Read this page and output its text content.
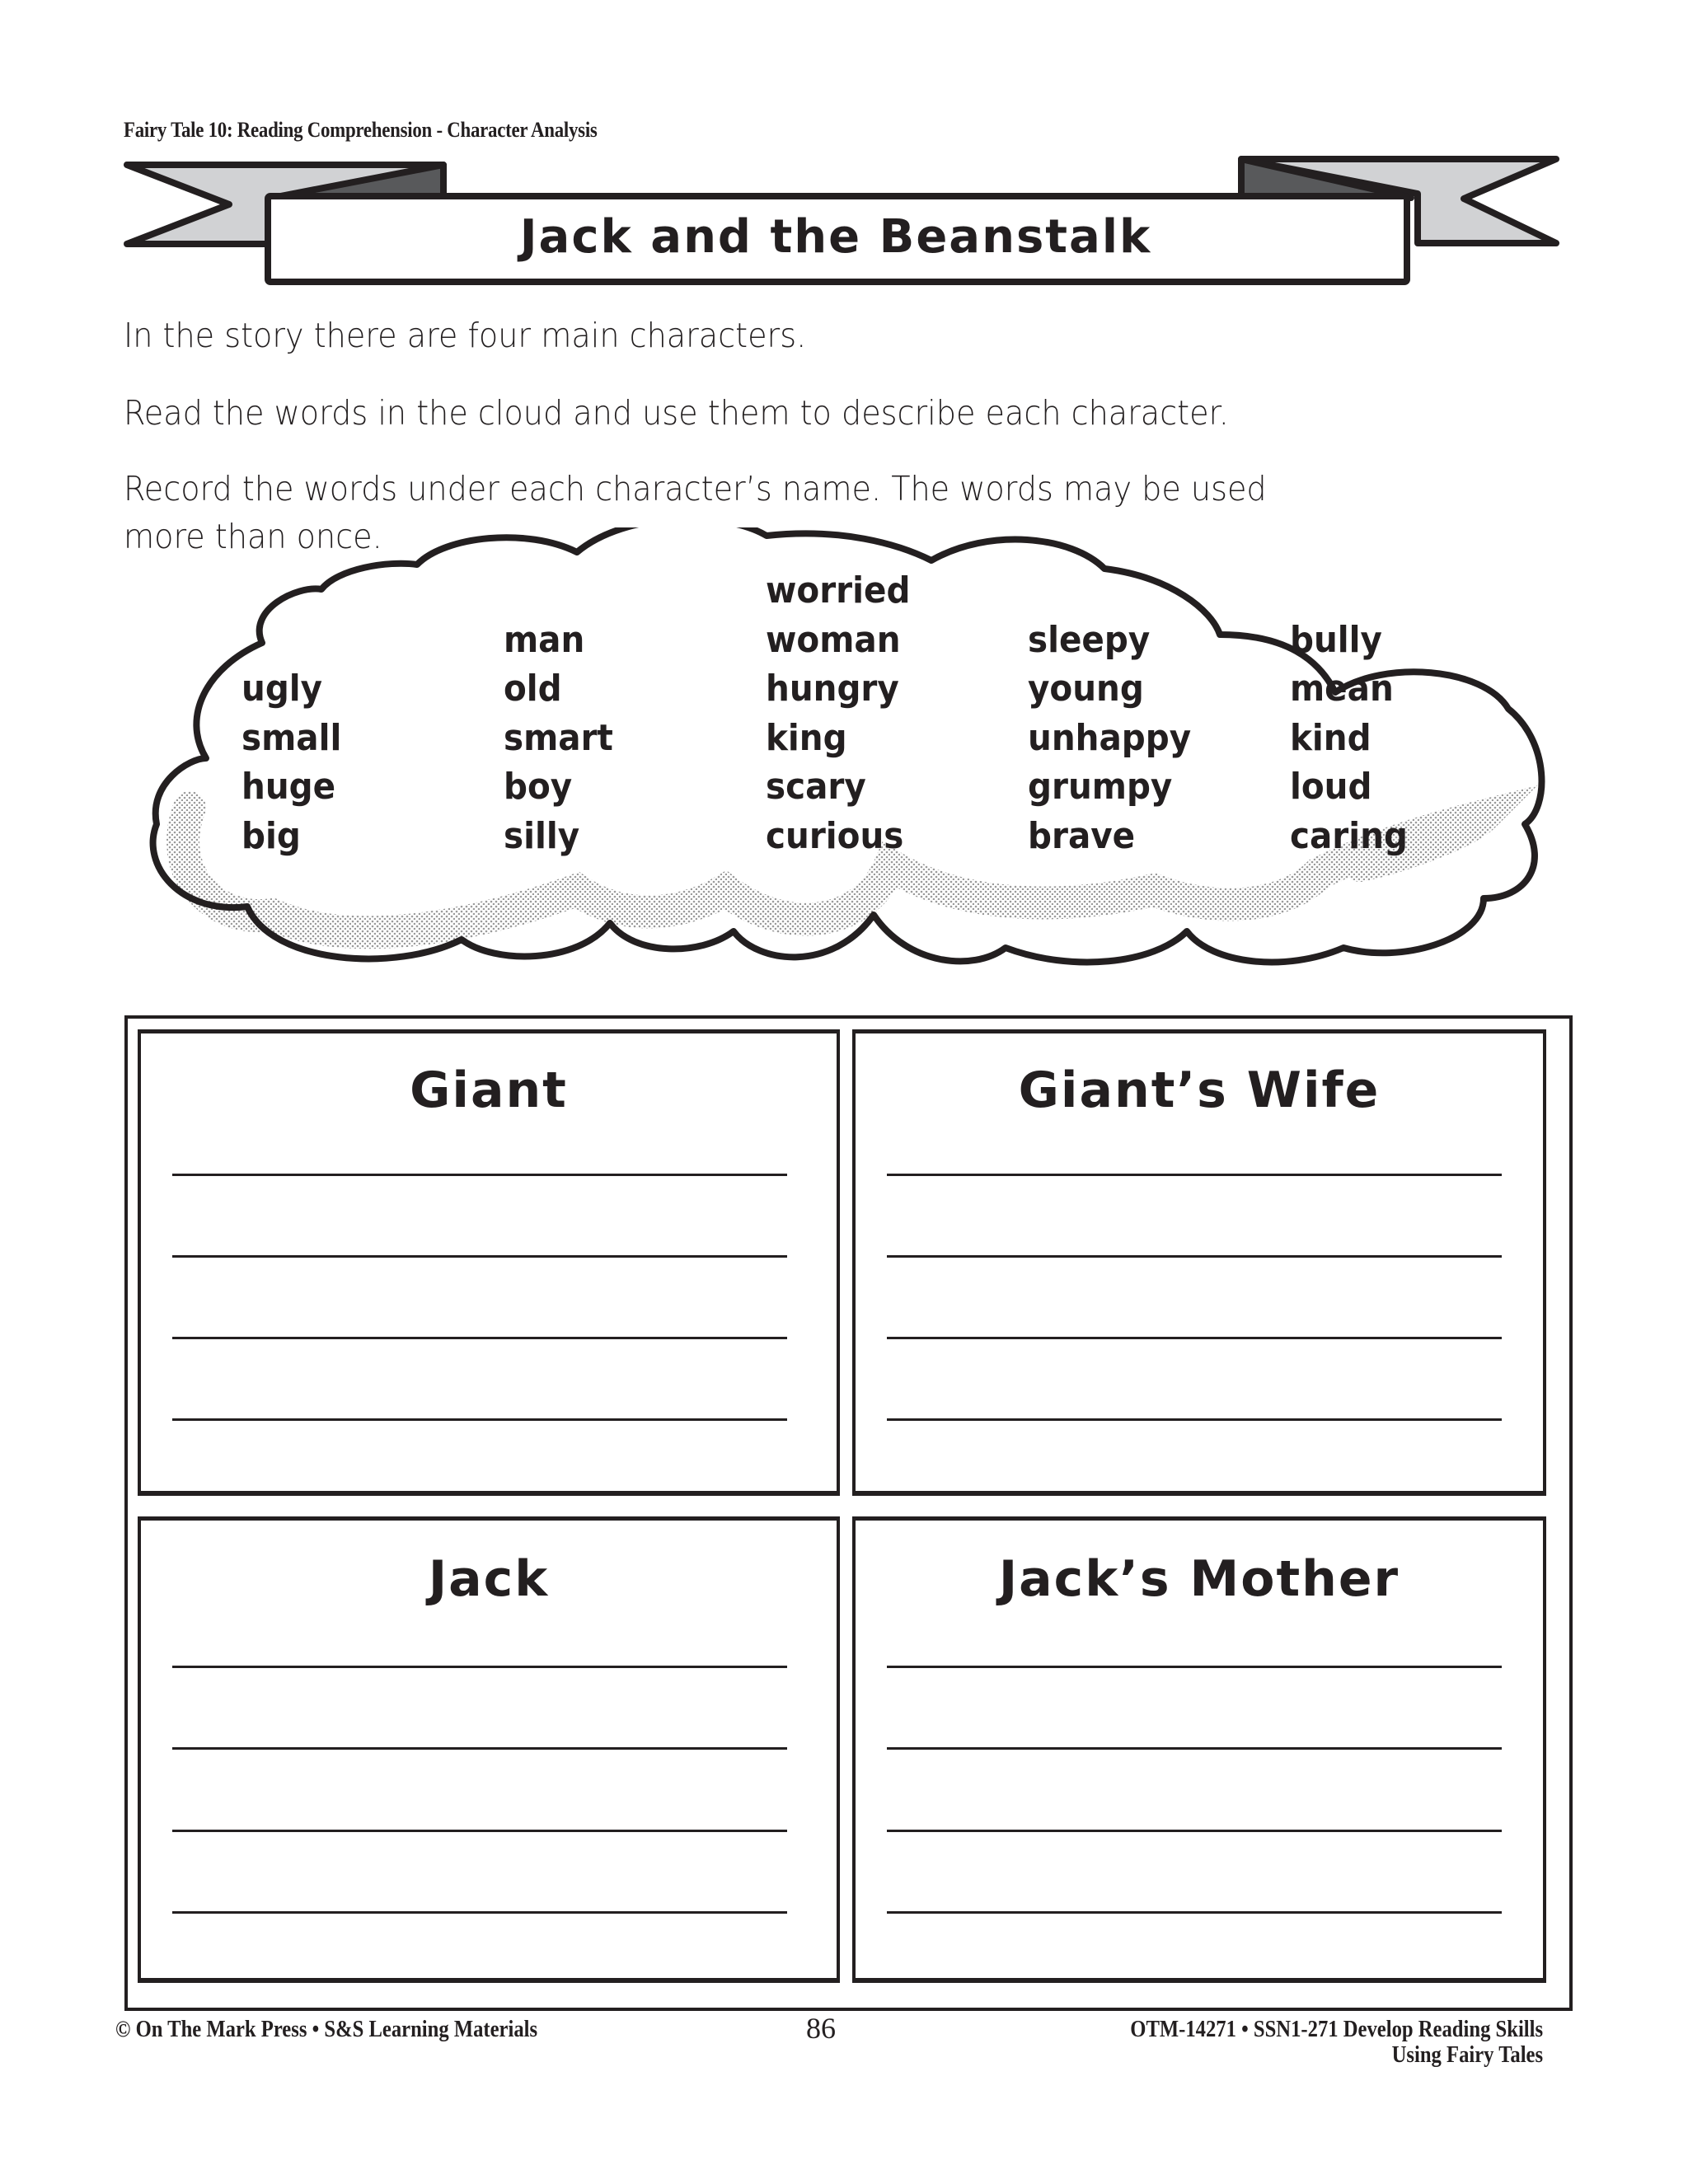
Fairy Tale 10: Reading Comprehension - Character Analysis
Jack and the Beanstalk
In the story there are four main characters.
Read the words in the cloud and use them to describe each character.
Record the words under each character’s name. The words may be used
more than once.
ugly
small
huge
big
man
old
smart
boy
silly
worried
woman
hungry
king
scary
curious
sleepy
young
unhappy
grumpy
brave
bully
mean
kind
loud
caring
Giant	Giant’s Wife
Jack	Jack’s Mother
© On The Mark Press • S&S Learning Materials	86	OTM-14271 • SSN1-271 Develop Reading Skills
Using Fairy Tales
